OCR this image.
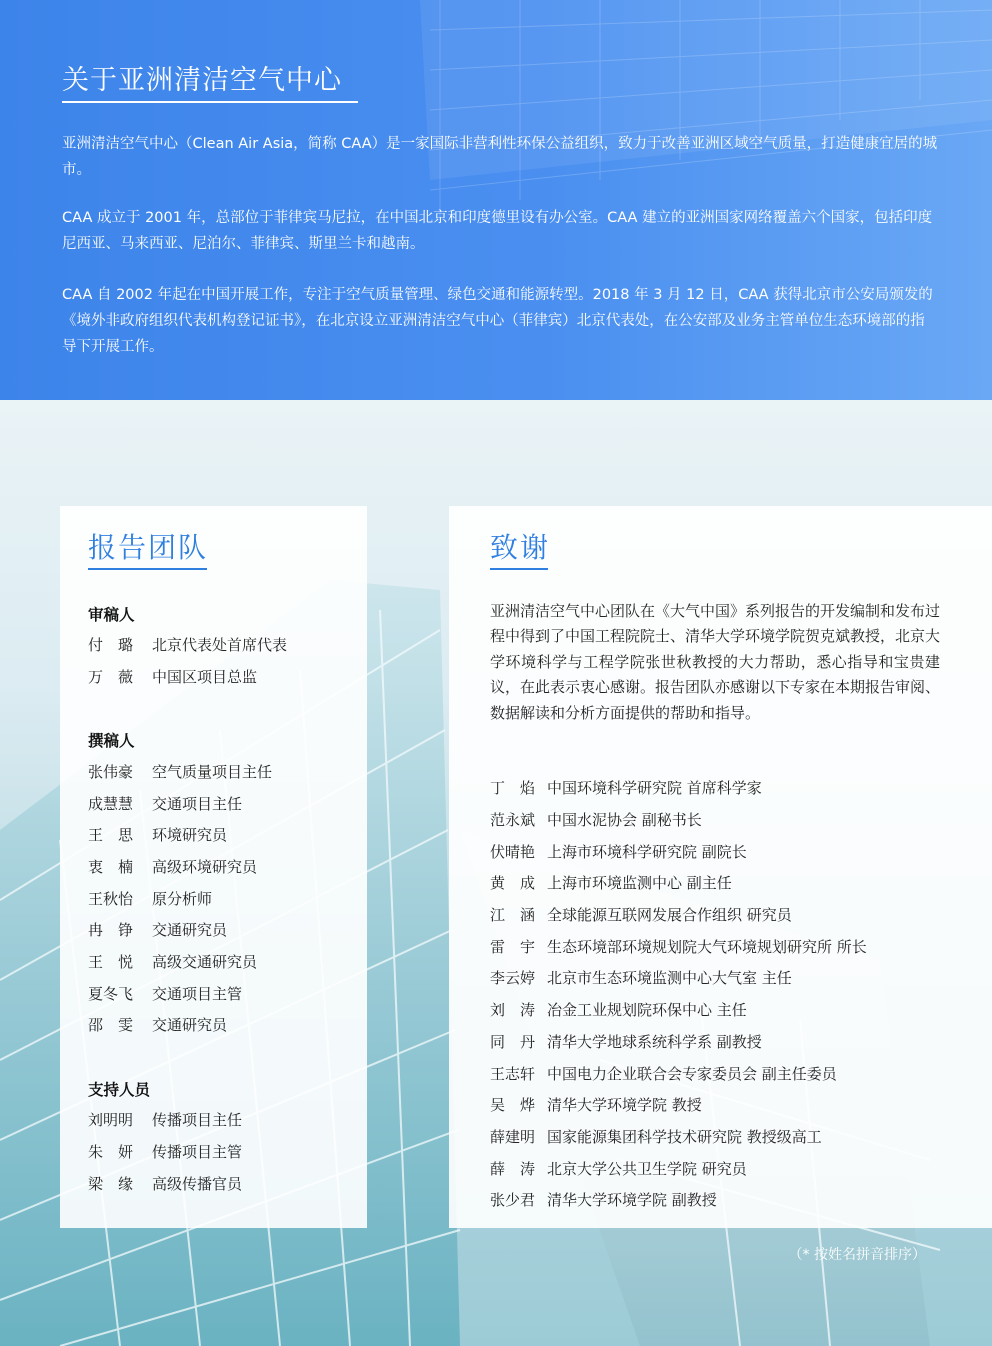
关于亚洲清洁空气中心

亚洲清洁空气中心（Clean Air Asia，简称 CAA）是一家国际非营利性环保公益组织，致力于改善亚洲区域空气质量，打造健康宜居的城市。

CAA 成立于 2001 年，总部位于菲律宾马尼拉，在中国北京和印度德里设有办公室。CAA 建立的亚洲国家网络覆盖六个国家，包括印度尼西亚、马来西亚、尼泊尔、菲律宾、斯里兰卡和越南。

CAA 自 2002 年起在中国开展工作，专注于空气质量管理、绿色交通和能源转型。2018 年 3 月 12 日，CAA 获得北京市公安局颁发的《境外非政府组织代表机构登记证书》，在北京设立亚洲清洁空气中心（菲律宾）北京代表处，在公安部及业务主管单位生态环境部的指导下开展工作。

报告团队

审稿人

付　璐 北京代表处首席代表
万　薇 中国区项目总监

撰稿人

张伟豪 空气质量项目主任
成慧慧 交通项目主任
王　思 环境研究员
衷　楠 高级环境研究员
王秋怡 原分析师
冉　铮 交通研究员
王　悦 高级交通研究员
夏冬飞 交通项目主管
邵　雯 交通研究员

支持人员

刘明明 传播项目主任
朱　妍 传播项目主管
梁　缘 高级传播官员
致谢

亚洲清洁空气中心团队在《大气中国》系列报告的开发编制和发布过程中得到了中国工程院院士、清华大学环境学院贺克斌教授，北京大学环境科学与工程学院张世秋教授的大力帮助，悉心指导和宝贵建议，在此表示衷心感谢。报告团队亦感谢以下专家在本期报告审阅、数据解读和分析方面提供的帮助和指导。

丁　焰 中国环境科学研究院 首席科学家
范永斌 中国水泥协会 副秘书长
伏晴艳 上海市环境科学研究院 副院长
黄　成 上海市环境监测中心 副主任
江　涵 全球能源互联网发展合作组织 研究员
雷　宇 生态环境部环境规划院大气环境规划研究所 所长
李云婷 北京市生态环境监测中心大气室 主任
刘　涛 冶金工业规划院环保中心 主任
同　丹 清华大学地球系统科学系 副教授
王志轩 中国电力企业联合会专家委员会 副主任委员
吴　烨 清华大学环境学院 教授
薛建明 国家能源集团科学技术研究院 教授级高工
薛　涛 北京大学公共卫生学院 研究员
张少君 清华大学环境学院 副教授
（* 按姓名拼音排序）
